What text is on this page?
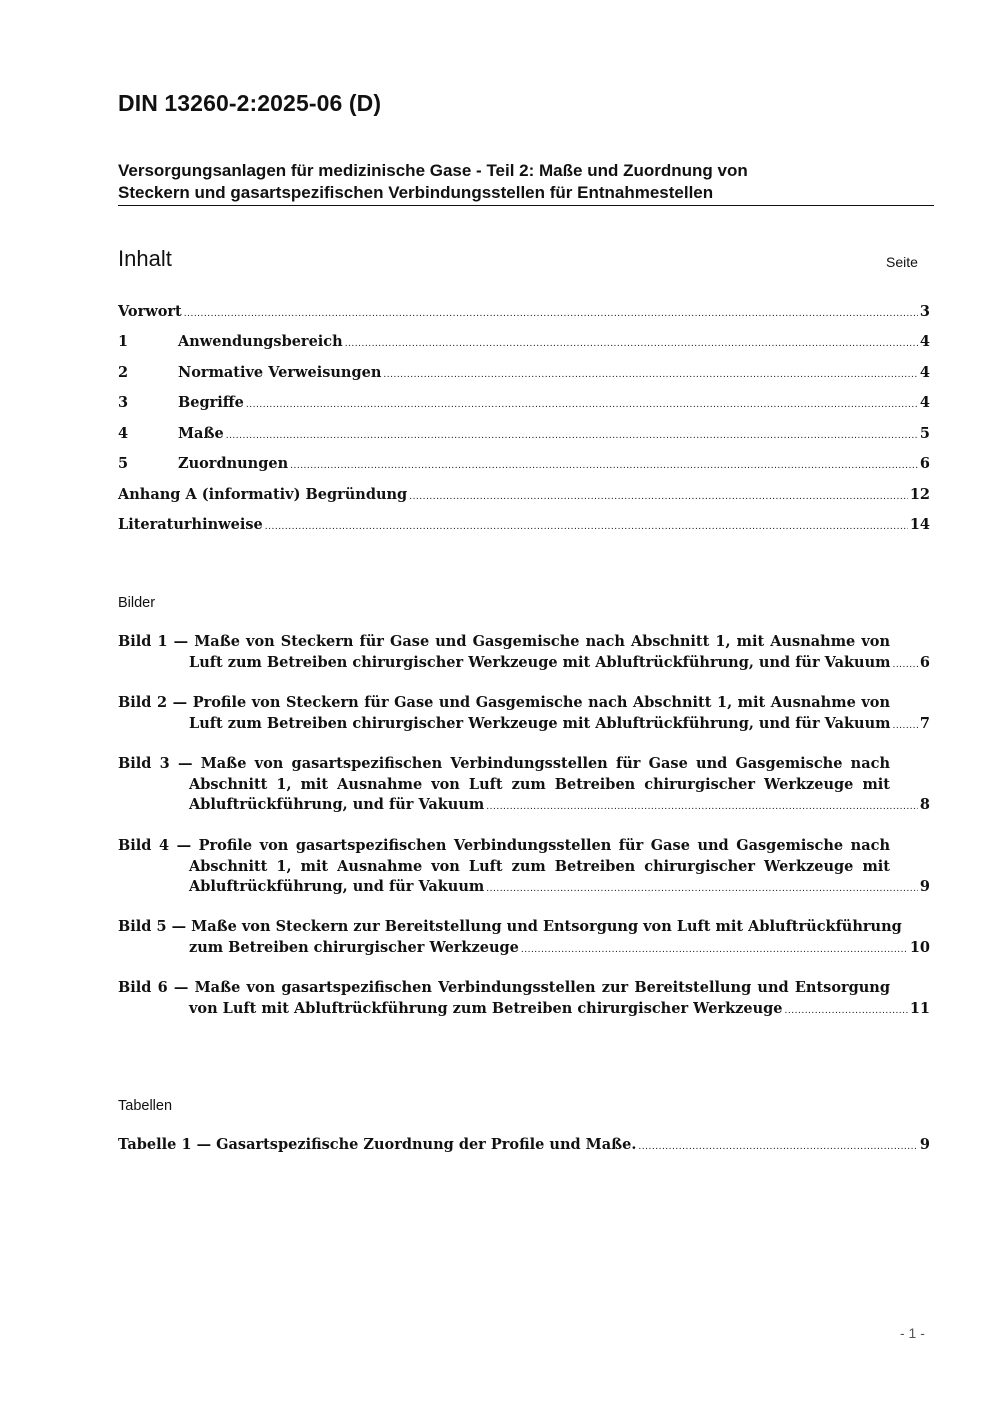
DIN 13260-2:2025-06 (D)
Versorgungsanlagen für medizinische Gase - Teil 2: Maße und Zuordnung von
Steckern und gasartspezifischen Verbindungsstellen für Entnahmestellen
Inhalt	Seite
Vorwort .....	3
1	Anwendungsbereich .....	4
2	Normative Verweisungen .....	4
3	Begriffe .....	4
4	Maße .....	5
5	Zuordnungen .....	6
Anhang A (informativ) Begründung .....	12
Literaturhinweise .....	14
Bilder
Bild 1 — Maße von Steckern für Gase und Gasgemische nach Abschnitt 1, mit Ausnahme von
Luft zum Betreiben chirurgischer Werkzeuge mit Abluftrückführung, und für Vakuum ..... 6
Bild 2 — Profile von Steckern für Gase und Gasgemische nach Abschnitt 1, mit Ausnahme von
Luft zum Betreiben chirurgischer Werkzeuge mit Abluftrückführung, und für Vakuum ..... 7
Bild 3 — Maße von gasartspezifischen Verbindungsstellen für Gase und Gasgemische nach
Abschnitt 1, mit Ausnahme von Luft zum Betreiben chirurgischer Werkzeuge mit
Abluftrückführung, und für Vakuum .....	8
Bild 4 — Profile von gasartspezifischen Verbindungsstellen für Gase und Gasgemische nach
Abschnitt 1, mit Ausnahme von Luft zum Betreiben chirurgischer Werkzeuge mit
Abluftrückführung, und für Vakuum .....	9
Bild 5 — Maße von Steckern zur Bereitstellung und Entsorgung von Luft mit Abluftrückführung
zum Betreiben chirurgischer Werkzeuge .....	10
Bild 6 — Maße von gasartspezifischen Verbindungsstellen zur Bereitstellung und Entsorgung
von Luft mit Abluftrückführung zum Betreiben chirurgischer Werkzeuge .....	11
Tabellen
Tabelle 1 — Gasartspezifische Zuordnung der Profile und Maße. .....	9
- 1 -
